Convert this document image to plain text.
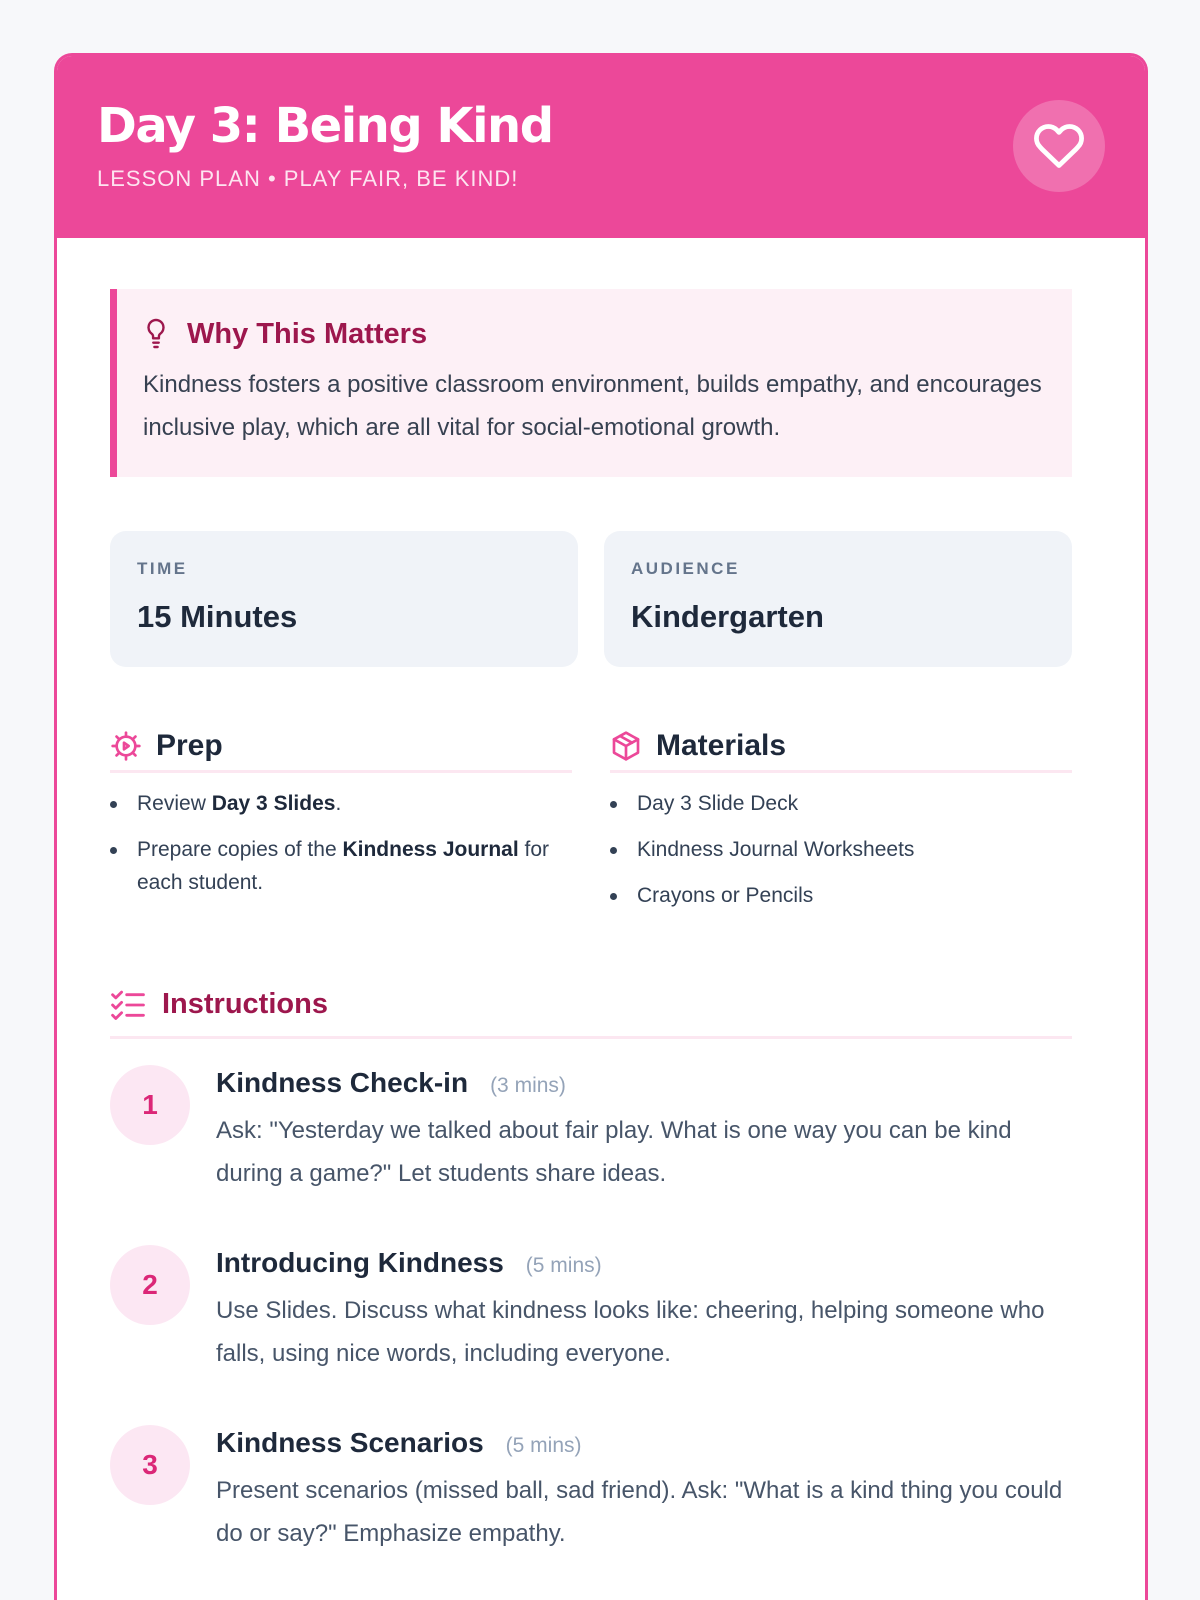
Day 3: Being Kind
LESSON PLAN • PLAY FAIR, BE KIND!
Why This Matters

Kindness fosters a positive classroom environment, builds empathy, and encourages inclusive play, which are all vital for social-emotional growth.

TIME
15 Minutes
AUDIENCE
Kindergarten
Prep
Review Day 3 Slides.
Prepare copies of the Kindness Journal for each student.
Materials
Day 3 Slide Deck
Kindness Journal Worksheets
Crayons or Pencils
Instructions
1
Kindness Check-in (3 mins)

Ask: "Yesterday we talked about fair play. What is one way you can be kind during a game?" Let students share ideas.

2
Introducing Kindness (5 mins)

Use Slides. Discuss what kindness looks like: cheering, helping someone who falls, using nice words, including everyone.

3
Kindness Scenarios (5 mins)

Present scenarios (missed ball, sad friend). Ask: "What is a kind thing you could do or say?" Emphasize empathy.
